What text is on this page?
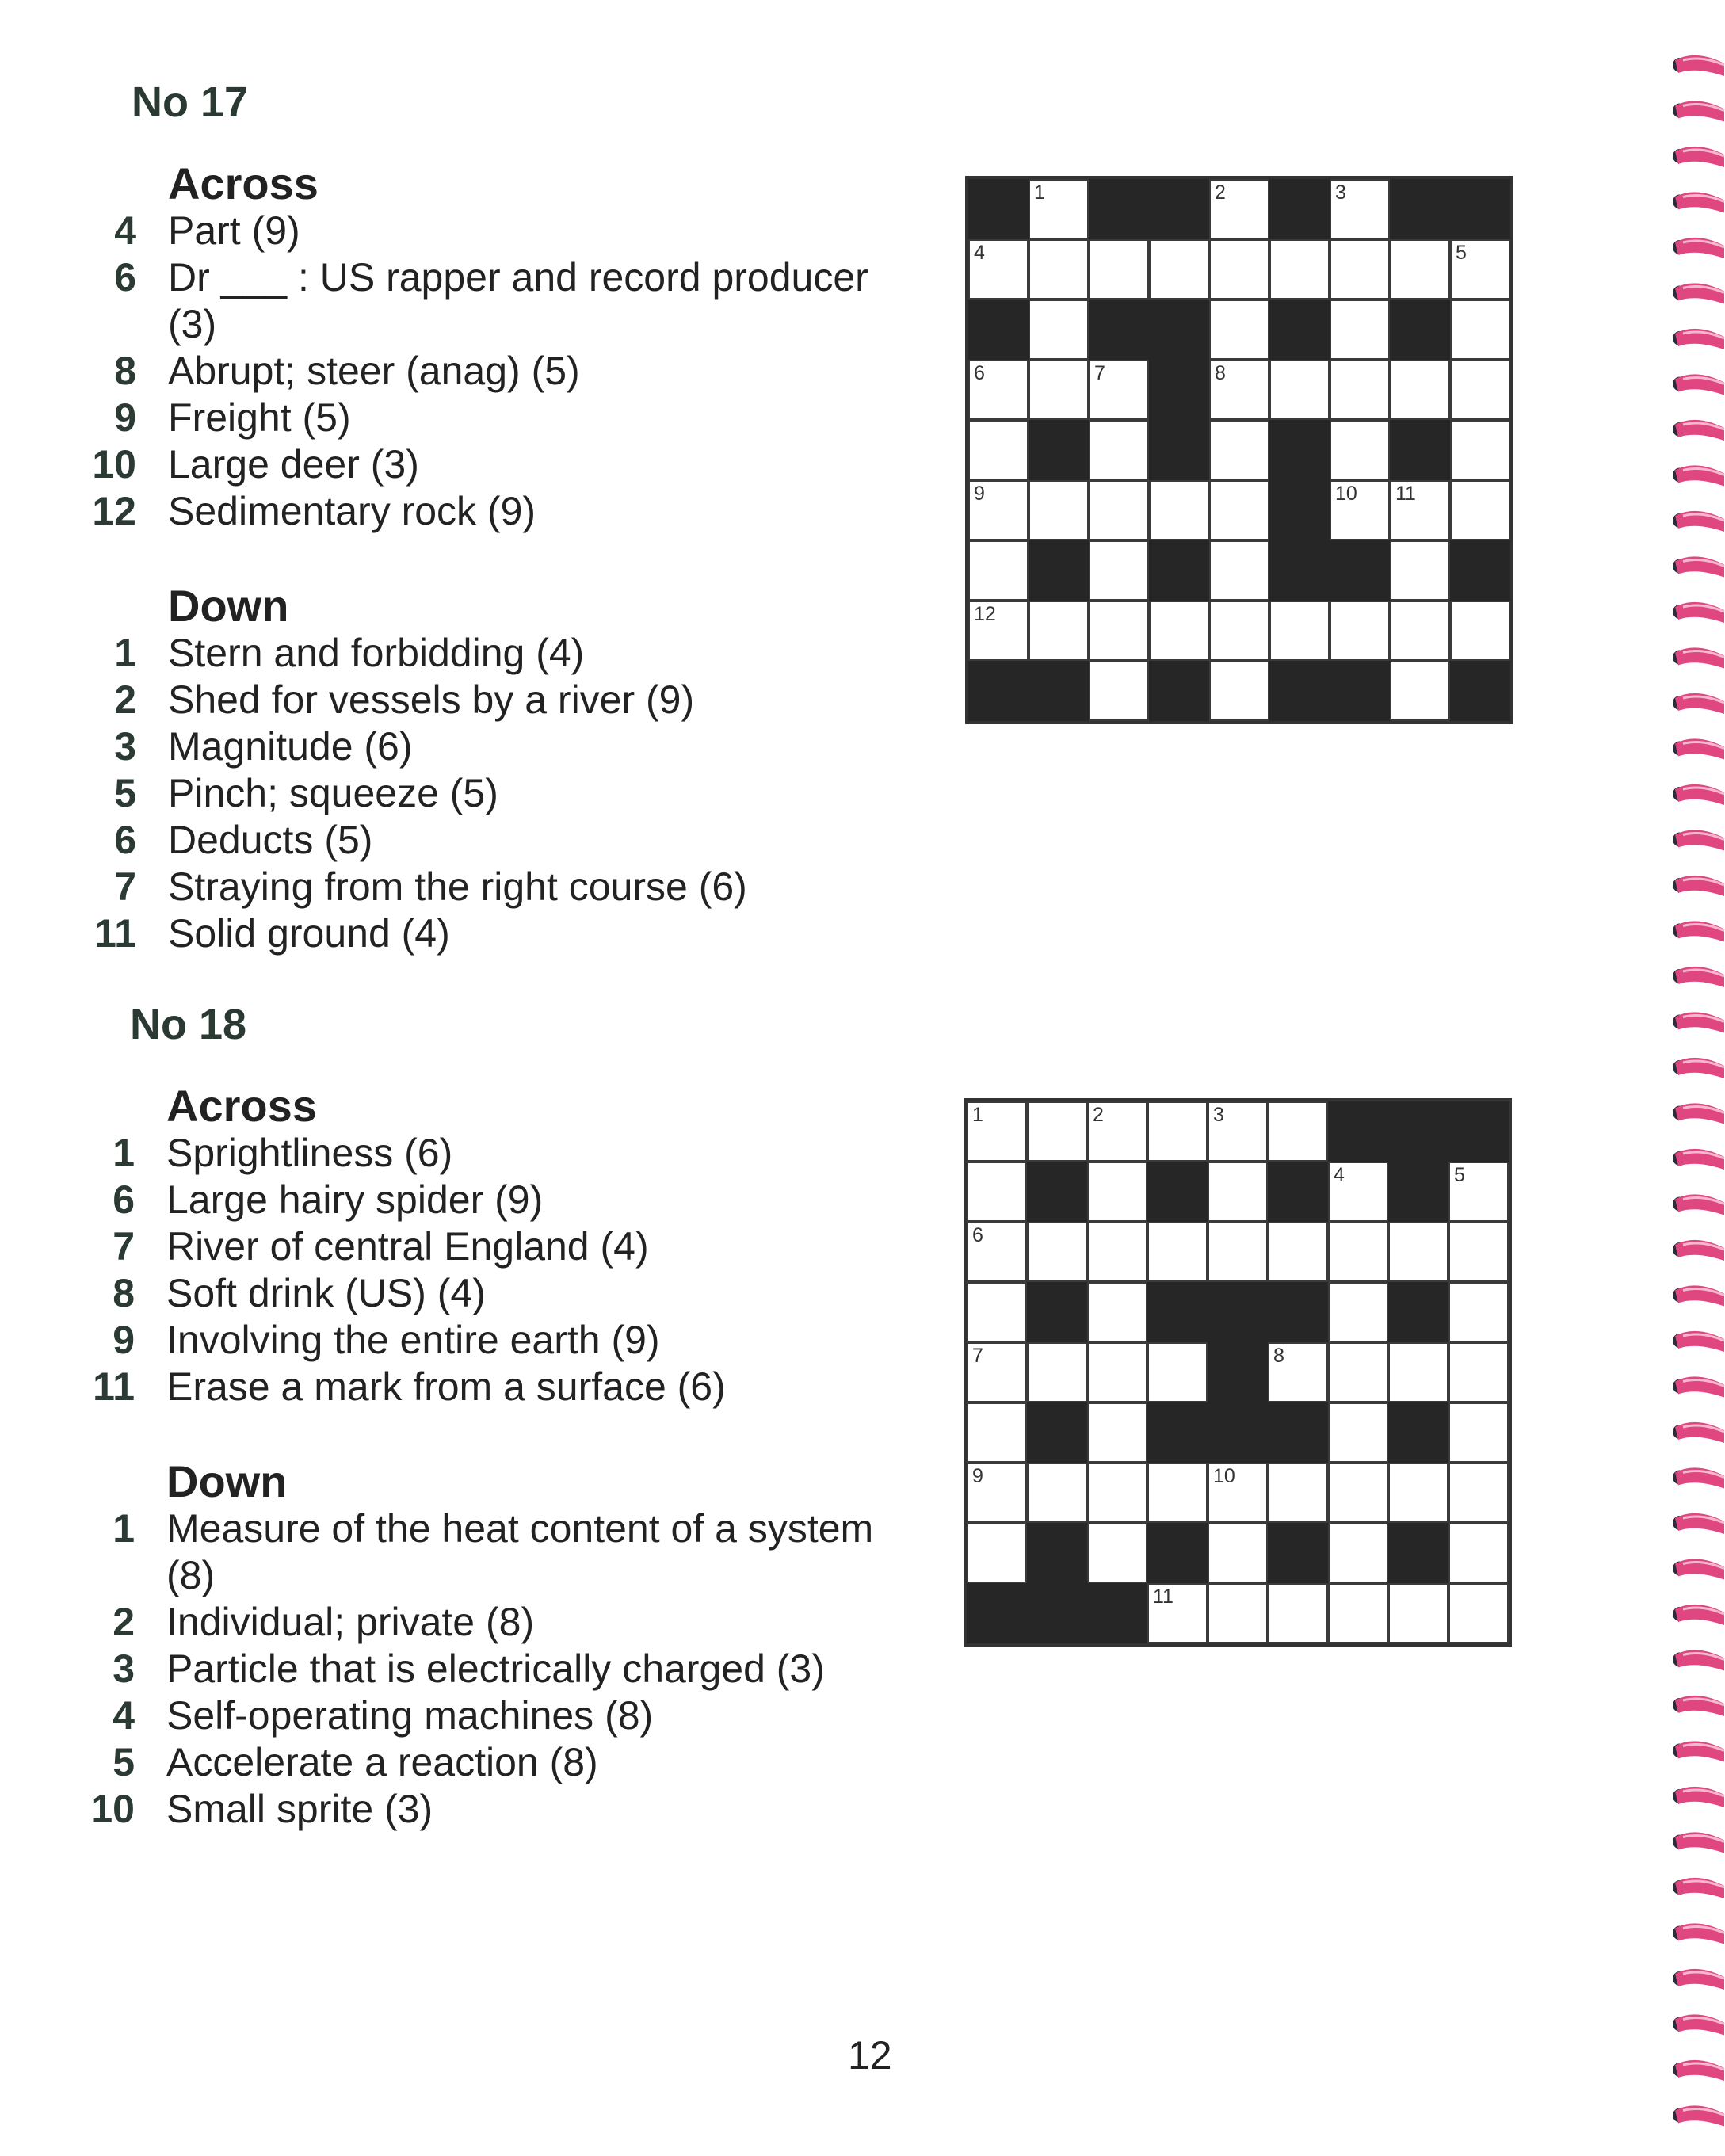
No 17
Across
4 Part (9)
6 Dr ___ : US rapper and record producer (3)
8 Abrupt; steer (anag) (5)
9 Freight (5)
10 Large deer (3)
12 Sedimentary rock (9)
Down
1 Stern and forbidding (4)
2 Shed for vessels by a river (9)
3 Magnitude (6)
5 Pinch; squeeze (5)
6 Deducts (5)
7 Straying from the right course (6)
11 Solid ground (4)
1	2	3
4	5
6	7	8
9	10 11
12
No 18
Across
1 Sprightliness (6)
6 Large hairy spider (9)
7 River of central England (4)
8 Soft drink (US) (4)
9 Involving the entire earth (9)
11 Erase a mark from a surface (6)
Down
1 Measure of the heat content of a system (8)
2 Individual; private (8)
3 Particle that is electrically charged (3)
4 Self-operating machines (8)
5 Accelerate a reaction (8)
10 Small sprite (3)
1	2	3
4	5
6
7	8
9	10
11
12
